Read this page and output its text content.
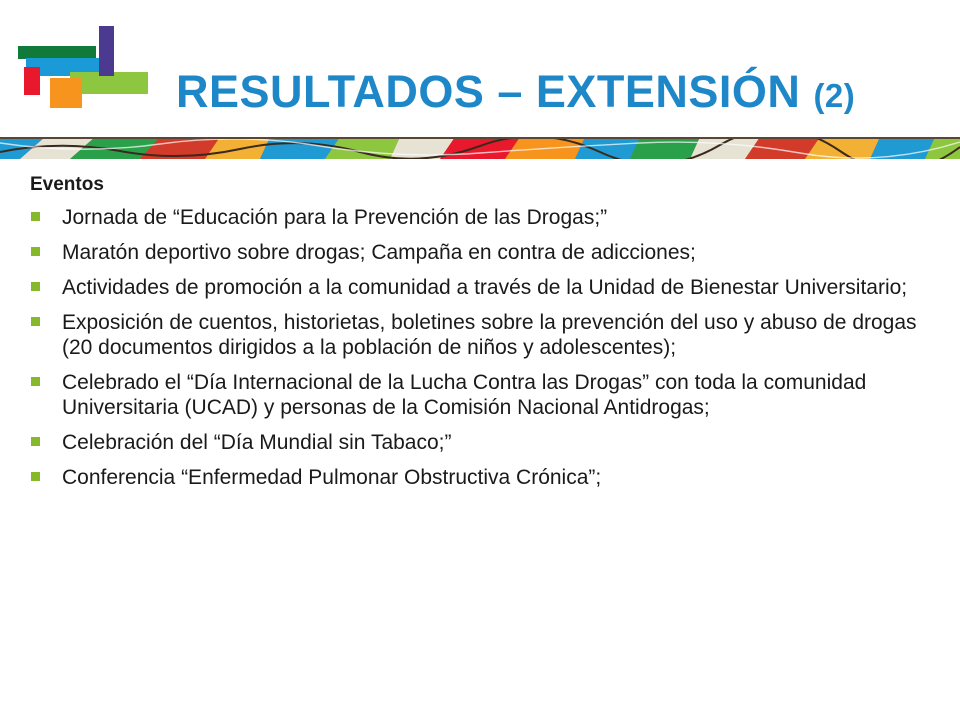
RESULTADOS – EXTENSIÓN (2)

Eventos

Jornada de “Educación para la Prevención de las Drogas;”
Maratón deportivo sobre drogas; Campaña en contra de adicciones;
Actividades de promoción a la comunidad a través de la Unidad de Bienestar Universitario;
Exposición de cuentos, historietas, boletines sobre la prevención del uso y abuso de drogas (20 documentos dirigidos a la población de niños y adolescentes);
Celebrado el “Día Internacional de la Lucha Contra las Drogas” con toda la comunidad Universitaria (UCAD) y personas de la Comisión Nacional Antidrogas;
Celebración del “Día Mundial sin Tabaco;”
Conferencia “Enfermedad Pulmonar Obstructiva Crónica”;
